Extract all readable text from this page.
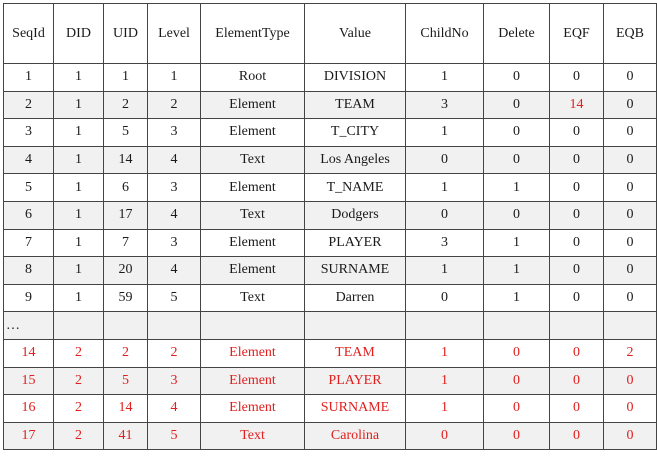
SeqId	DID	UID	Level	ElementType	Value	ChildNo	Delete	EQF	EQB
1	1	1	1	Root	DIVISION	1	0	0	0
2	1	2	2	Element	TEAM	3	0	14	0
3	1	5	3	Element	T_CITY	1	0	0	0
4	1	14	4	Text	Los Angeles	0	0	0	0
5	1	6	3	Element	T_NAME	1	1	0	0
6	1	17	4	Text	Dodgers	0	0	0	0
7	1	7	3	Element	PLAYER	3	1	0	0
8	1	20	4	Element	SURNAME	1	1	0	0
9	1	59	5	Text	Darren	0	1	0	0
…									
14	2	2	2	Element	TEAM	1	0	0	2
15	2	5	3	Element	PLAYER	1	0	0	0
16	2	14	4	Element	SURNAME	1	0	0	0
17	2	41	5	Text	Carolina	0	0	0	0
